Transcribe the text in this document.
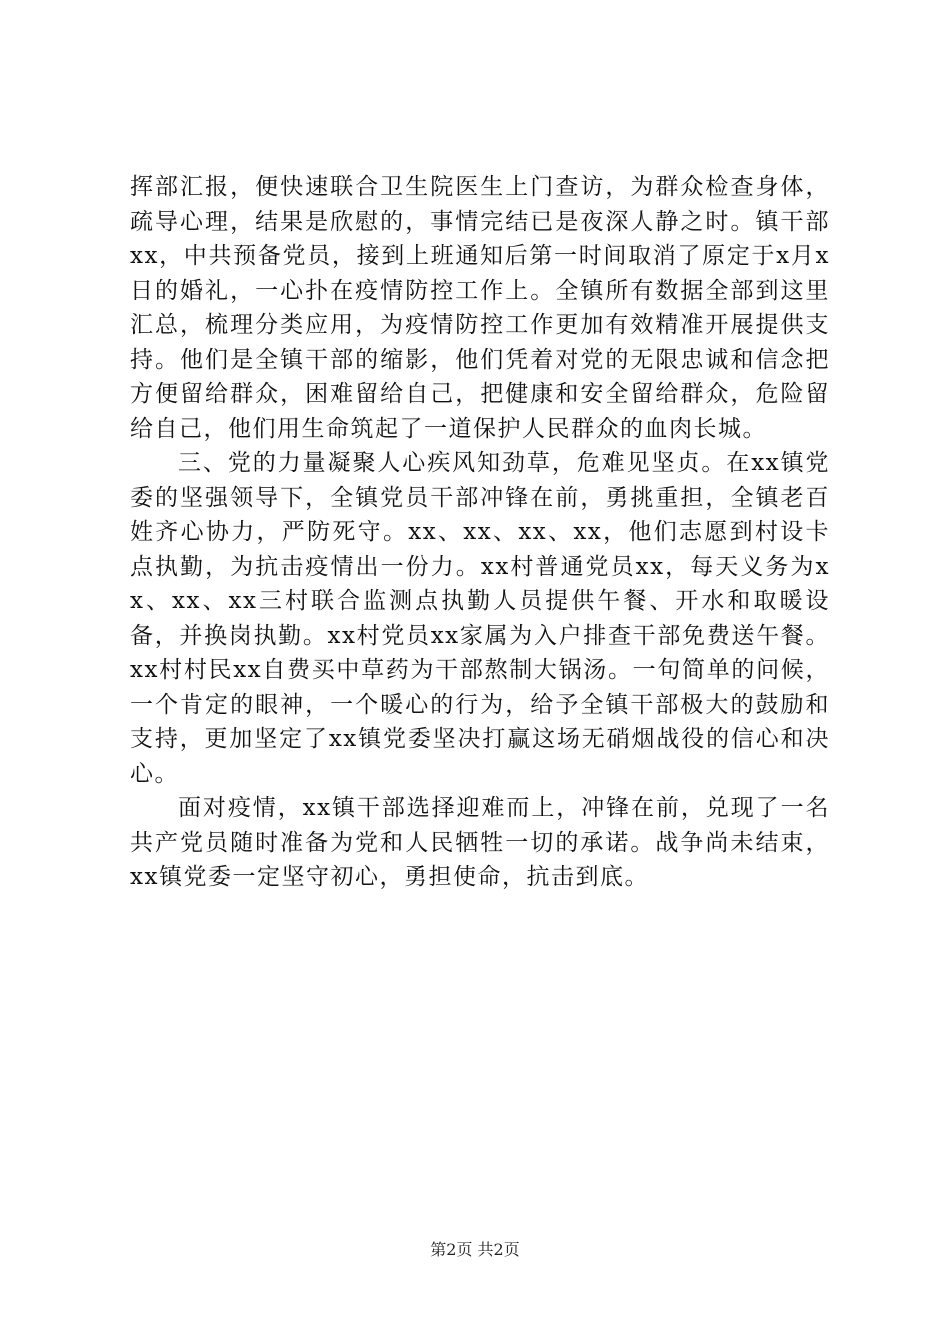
挥部汇报，便快速联合卫生院医生上门查访，为群众检查身体，疏导心理，结果是欣慰的，事情完结已是夜深人静之时。镇干部xx，中共预备党员，接到上班通知后第一时间取消了原定于x月x日的婚礼，一心扑在疫情防控工作上。全镇所有数据全部到这里汇总，梳理分类应用，为疫情防控工作更加有效精准开展提供支持。他们是全镇干部的缩影，他们凭着对党的无限忠诚和信念把方便留给群众，困难留给自己，把健康和安全留给群众，危险留给自己，他们用生命筑起了一道保护人民群众的血肉长城。

三、党的力量凝聚人心疾风知劲草，危难见坚贞。在xx镇党委的坚强领导下，全镇党员干部冲锋在前，勇挑重担，全镇老百姓齐心协力，严防死守。xx、xx、xx、xx，他们志愿到村设卡点执勤，为抗击疫情出一份力。xx村普通党员xx，每天义务为xx、xx、xx三村联合监测点执勤人员提供午餐、开水和取暖设备，并换岗执勤。xx村党员xx家属为入户排查干部免费送午餐。xx村村民xx自费买中草药为干部熬制大锅汤。一句简单的问候，一个肯定的眼神，一个暖心的行为，给予全镇干部极大的鼓励和支持，更加坚定了xx镇党委坚决打赢这场无硝烟战役的信心和决心。

面对疫情，xx镇干部选择迎难而上，冲锋在前，兑现了一名共产党员随时准备为党和人民牺牲一切的承诺。战争尚未结束，xx镇党委一定坚守初心，勇担使命，抗击到底。

第2页 共2页
